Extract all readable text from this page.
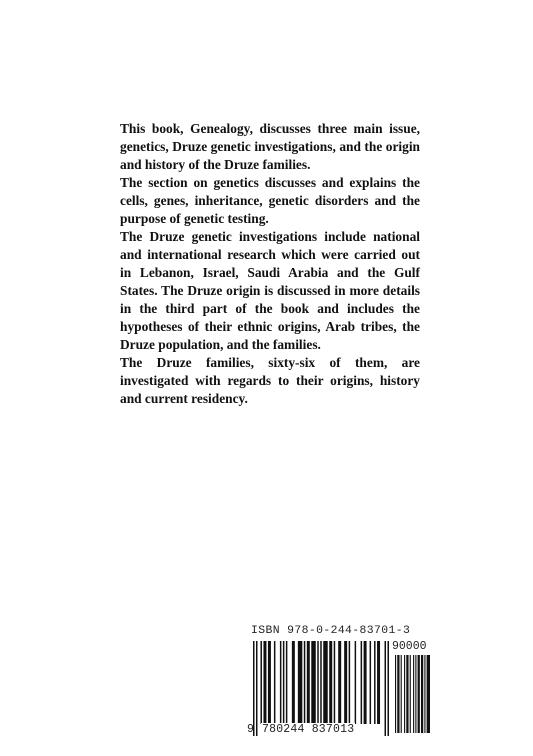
This book, Genealogy, discusses three main issue, genetics, Druze genetic investigations, and the origin and history of the Druze families.

The section on genetics discusses and explains the cells, genes, inheritance, genetic disorders and the purpose of genetic testing.

The Druze genetic investigations include national and international research which were carried out in Lebanon, Israel, Saudi Arabia and the Gulf States. The Druze origin is discussed in more details in the third part of the book and includes the hypotheses of their ethnic origins, Arab tribes, the Druze population, and the families.

The Druze families, sixty-six of them, are investigated with regards to their origins, history and current residency.

ISBN 978-0-244-83701-3
90000
9 780244 837013
